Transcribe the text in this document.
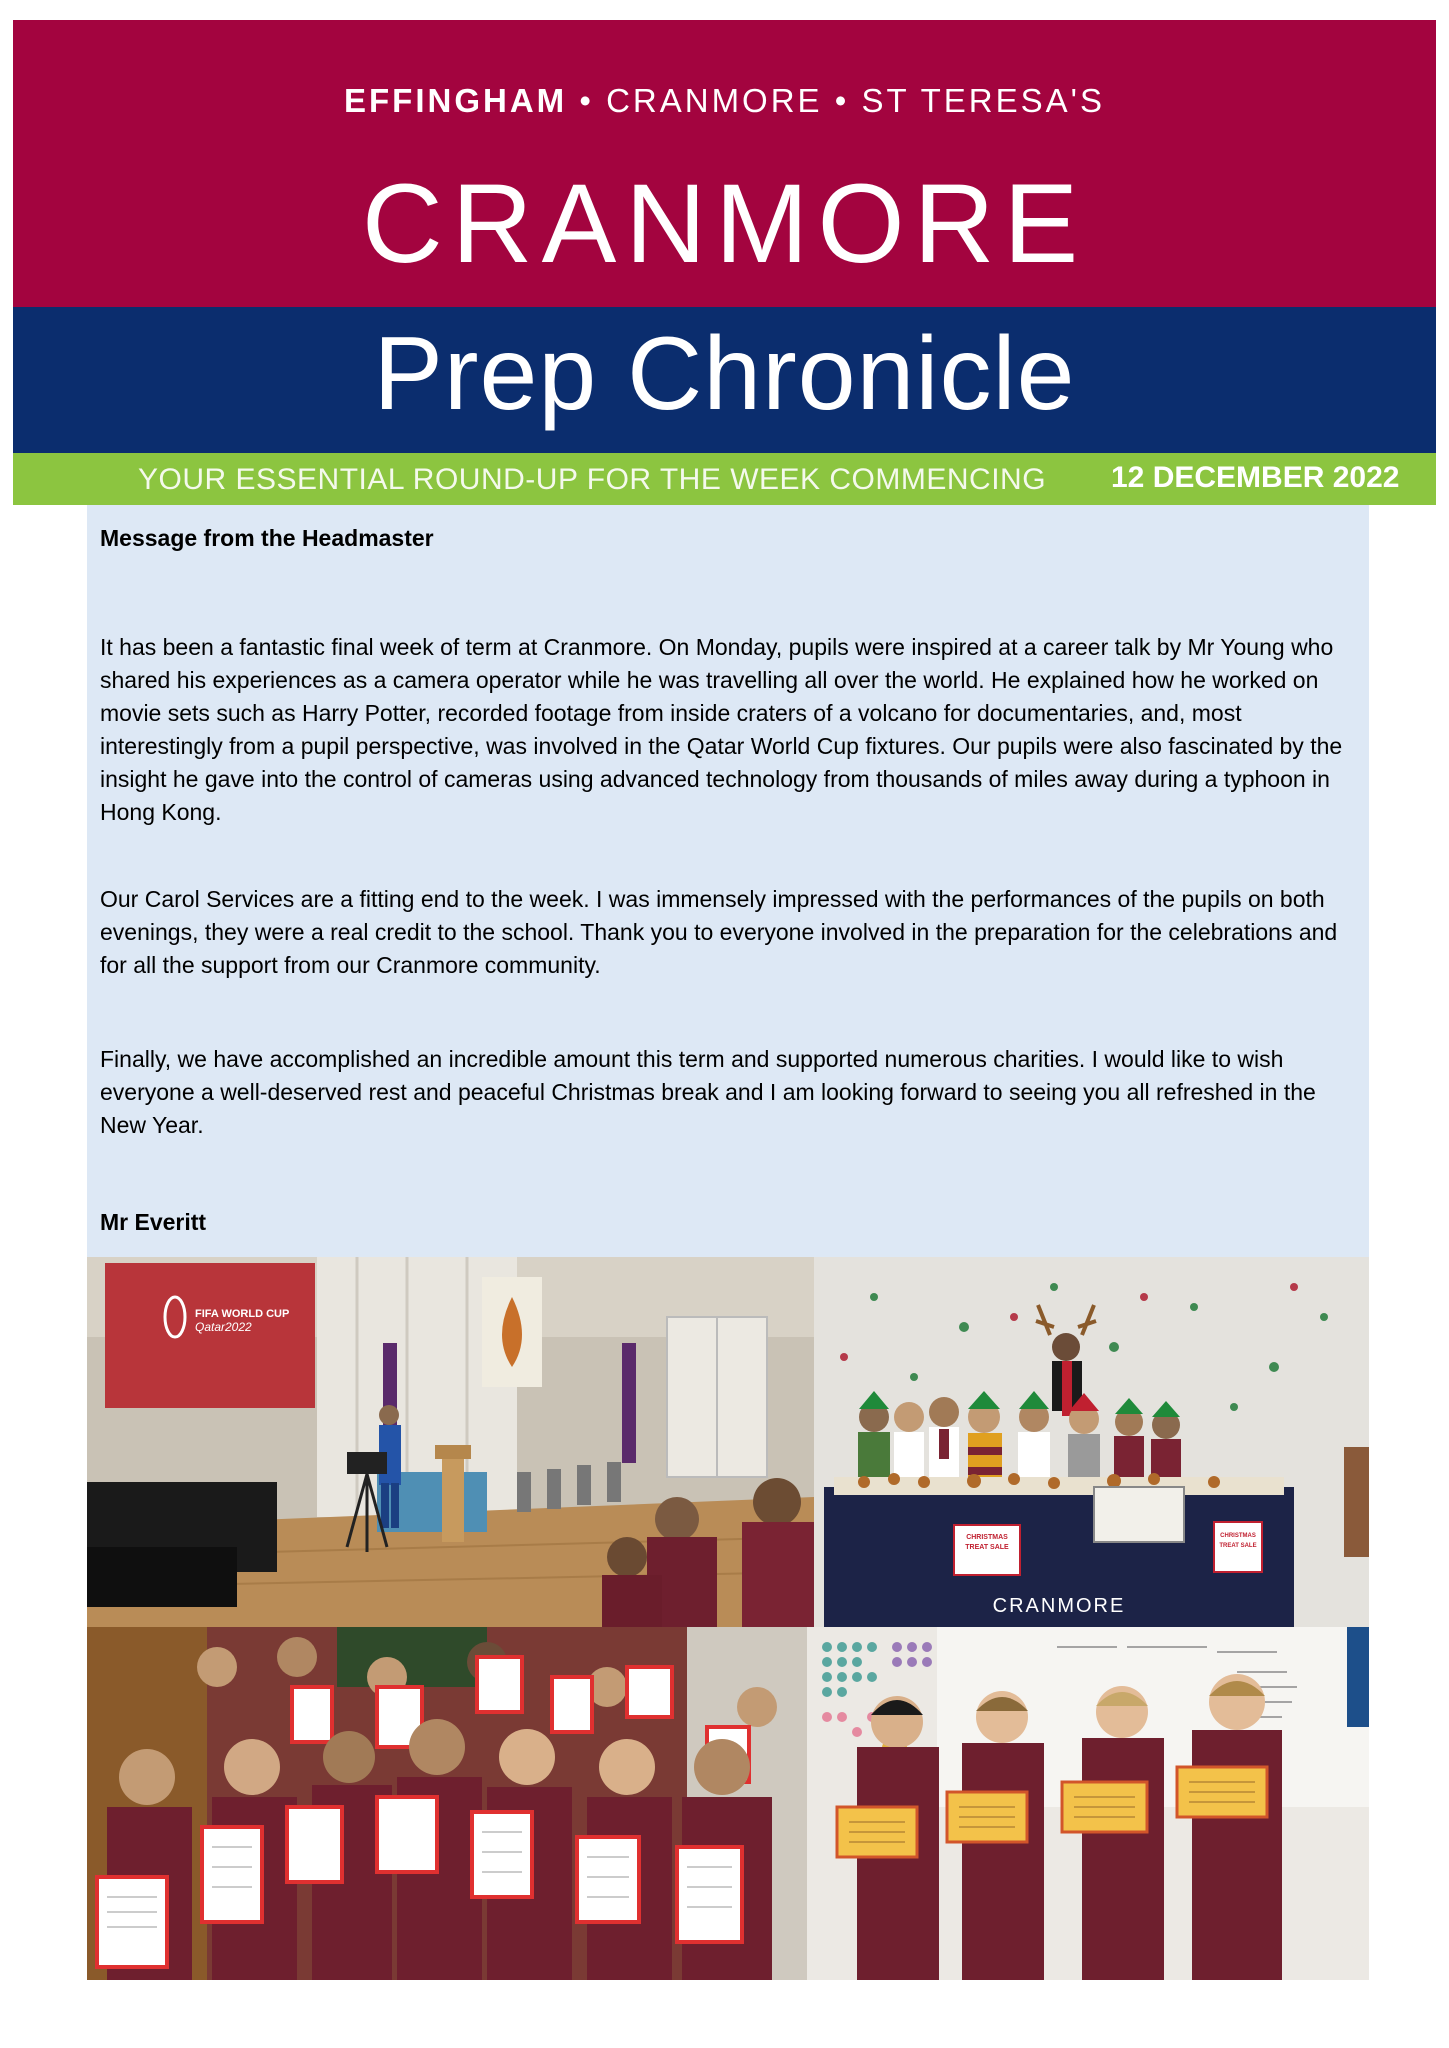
EFFINGHAM • CRANMORE • ST TERESA'S
CRANMORE
Prep Chronicle
YOUR ESSENTIAL ROUND-UP FOR THE WEEK COMMENCING 12 DECEMBER 2022
Message from the Headmaster

It has been a fantastic final week of term at Cranmore. On Monday, pupils were inspired at a career talk by Mr Young who shared his experiences as a camera operator while he was travelling all over the world. He explained how he worked on movie sets such as Harry Potter, recorded footage from inside craters of a volcano for documentaries, and, most interestingly from a pupil perspective, was involved in the Qatar World Cup fixtures. Our pupils were also fascinated by the insight he gave into the control of cameras using advanced technology from thousands of miles away during a typhoon in Hong Kong.

Our Carol Services are a fitting end to the week. I was immensely impressed with the performances of the pupils on both evenings, they were a real credit to the school. Thank you to everyone involved in the preparation for the celebrations and for all the support from our Cranmore community.

Finally, we have accomplished an incredible amount this term and supported numerous charities. I would like to wish everyone a well-deserved rest and peaceful Christmas break and I am looking forward to seeing you all refreshed in the New Year.

Mr Everitt
FIFA WORLD CUP
Qatar2022
CHRISTMAS
TREAT SALE
CHRISTMAS
TREAT SALE
CRANMORE
